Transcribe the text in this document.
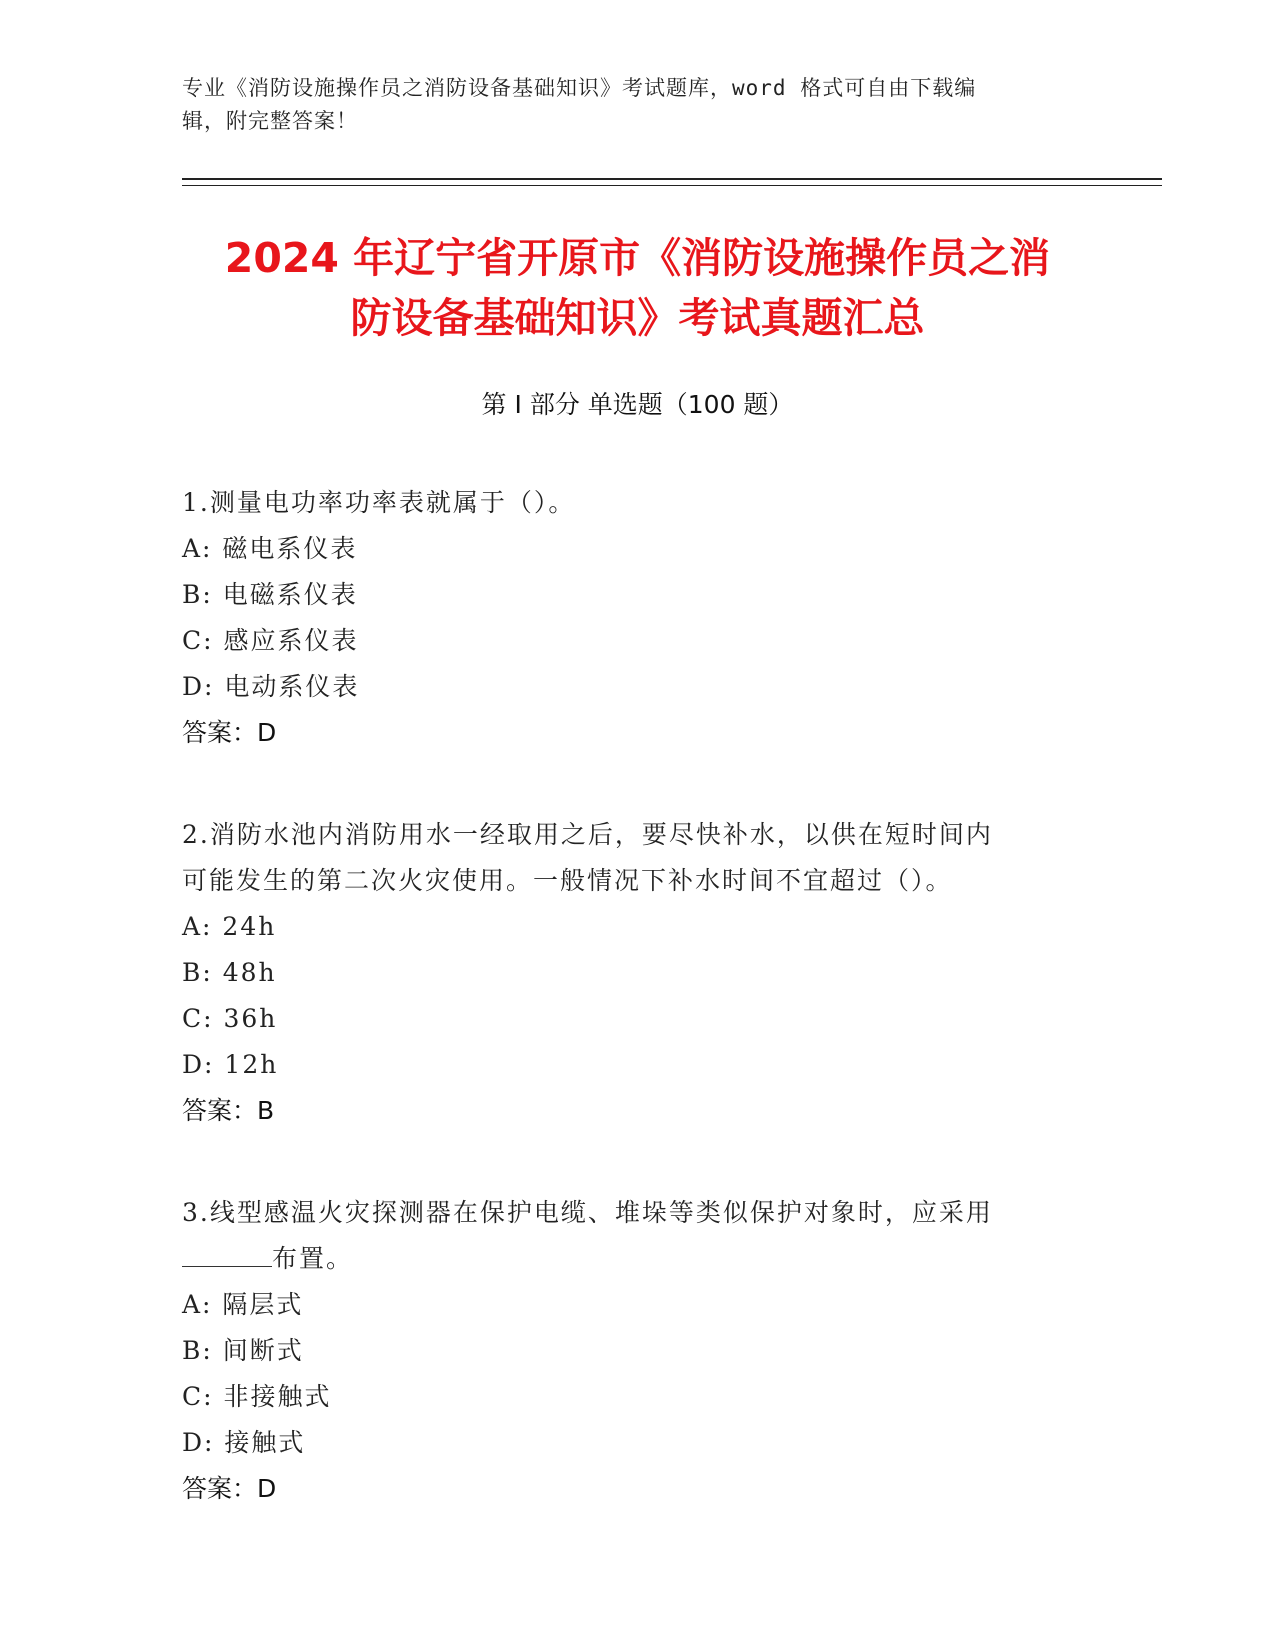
专业《消防设施操作员之消防设备基础知识》考试题库，word 格式可自由下载编
辑，附完整答案！
2024 年辽宁省开原市《消防设施操作员之消
防设备基础知识》考试真题汇总
第 I 部分 单选题（100 题）
1.测量电功率功率表就属于（）。
A: 磁电系仪表
B: 电磁系仪表
C: 感应系仪表
D: 电动系仪表
答案：D
2.消防水池内消防用水一经取用之后，要尽快补水，以供在短时间内
可能发生的第二次火灾使用。一般情况下补水时间不宜超过（）。
A: 24h
B: 48h
C: 36h
D: 12h
答案：B
3.线型感温火灾探测器在保护电缆、堆垛等类似保护对象时，应采用
布置。
A: 隔层式
B: 间断式
C: 非接触式
D: 接触式
答案：D
